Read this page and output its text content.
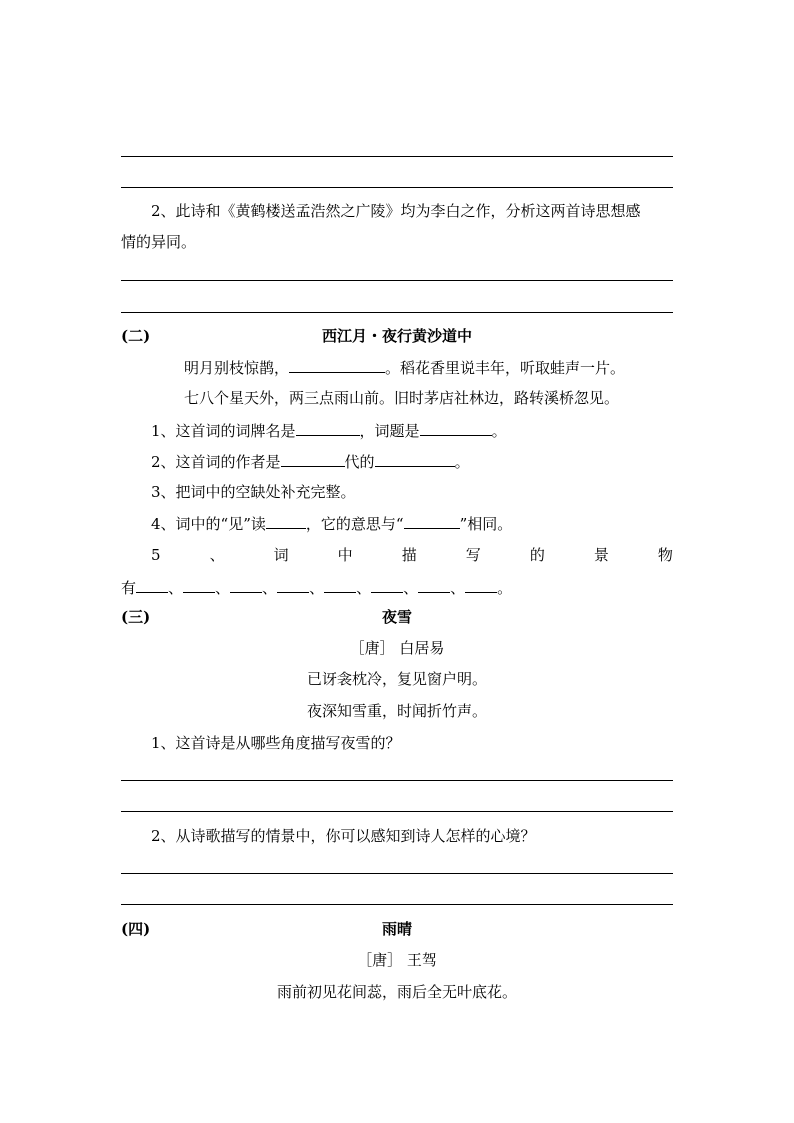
2、此诗和《黄鹤楼送孟浩然之广陵》均为李白之作，分析这两首诗思想感
情的异同。
(二)	西江月・夜行黄沙道中
明月别枝惊鹊，	。稻花香里说丰年，听取蛙声一片。
七八个星天外，两三点雨山前。旧时茅店社林边，路转溪桥忽见。
1、这首词的词牌名是	，词题是	。
2、这首词的作者是	代的	。
3、把词中的空缺处补充完整。
4、词中的“见”读	，它的意思与“	”相同。
5	、	词	中	描	写	的	景	物
有 、 、 、 、 、 、 、 。
(三)	夜雪
［唐］ 白居易
已讶衾枕冷，复见窗户明。
夜深知雪重，时闻折竹声。
1、这首诗是从哪些角度描写夜雪的？
2、从诗歌描写的情景中，你可以感知到诗人怎样的心境？
(四)	雨晴
［唐］ 王驾
雨前初见花间蕊，雨后全无叶底花。
